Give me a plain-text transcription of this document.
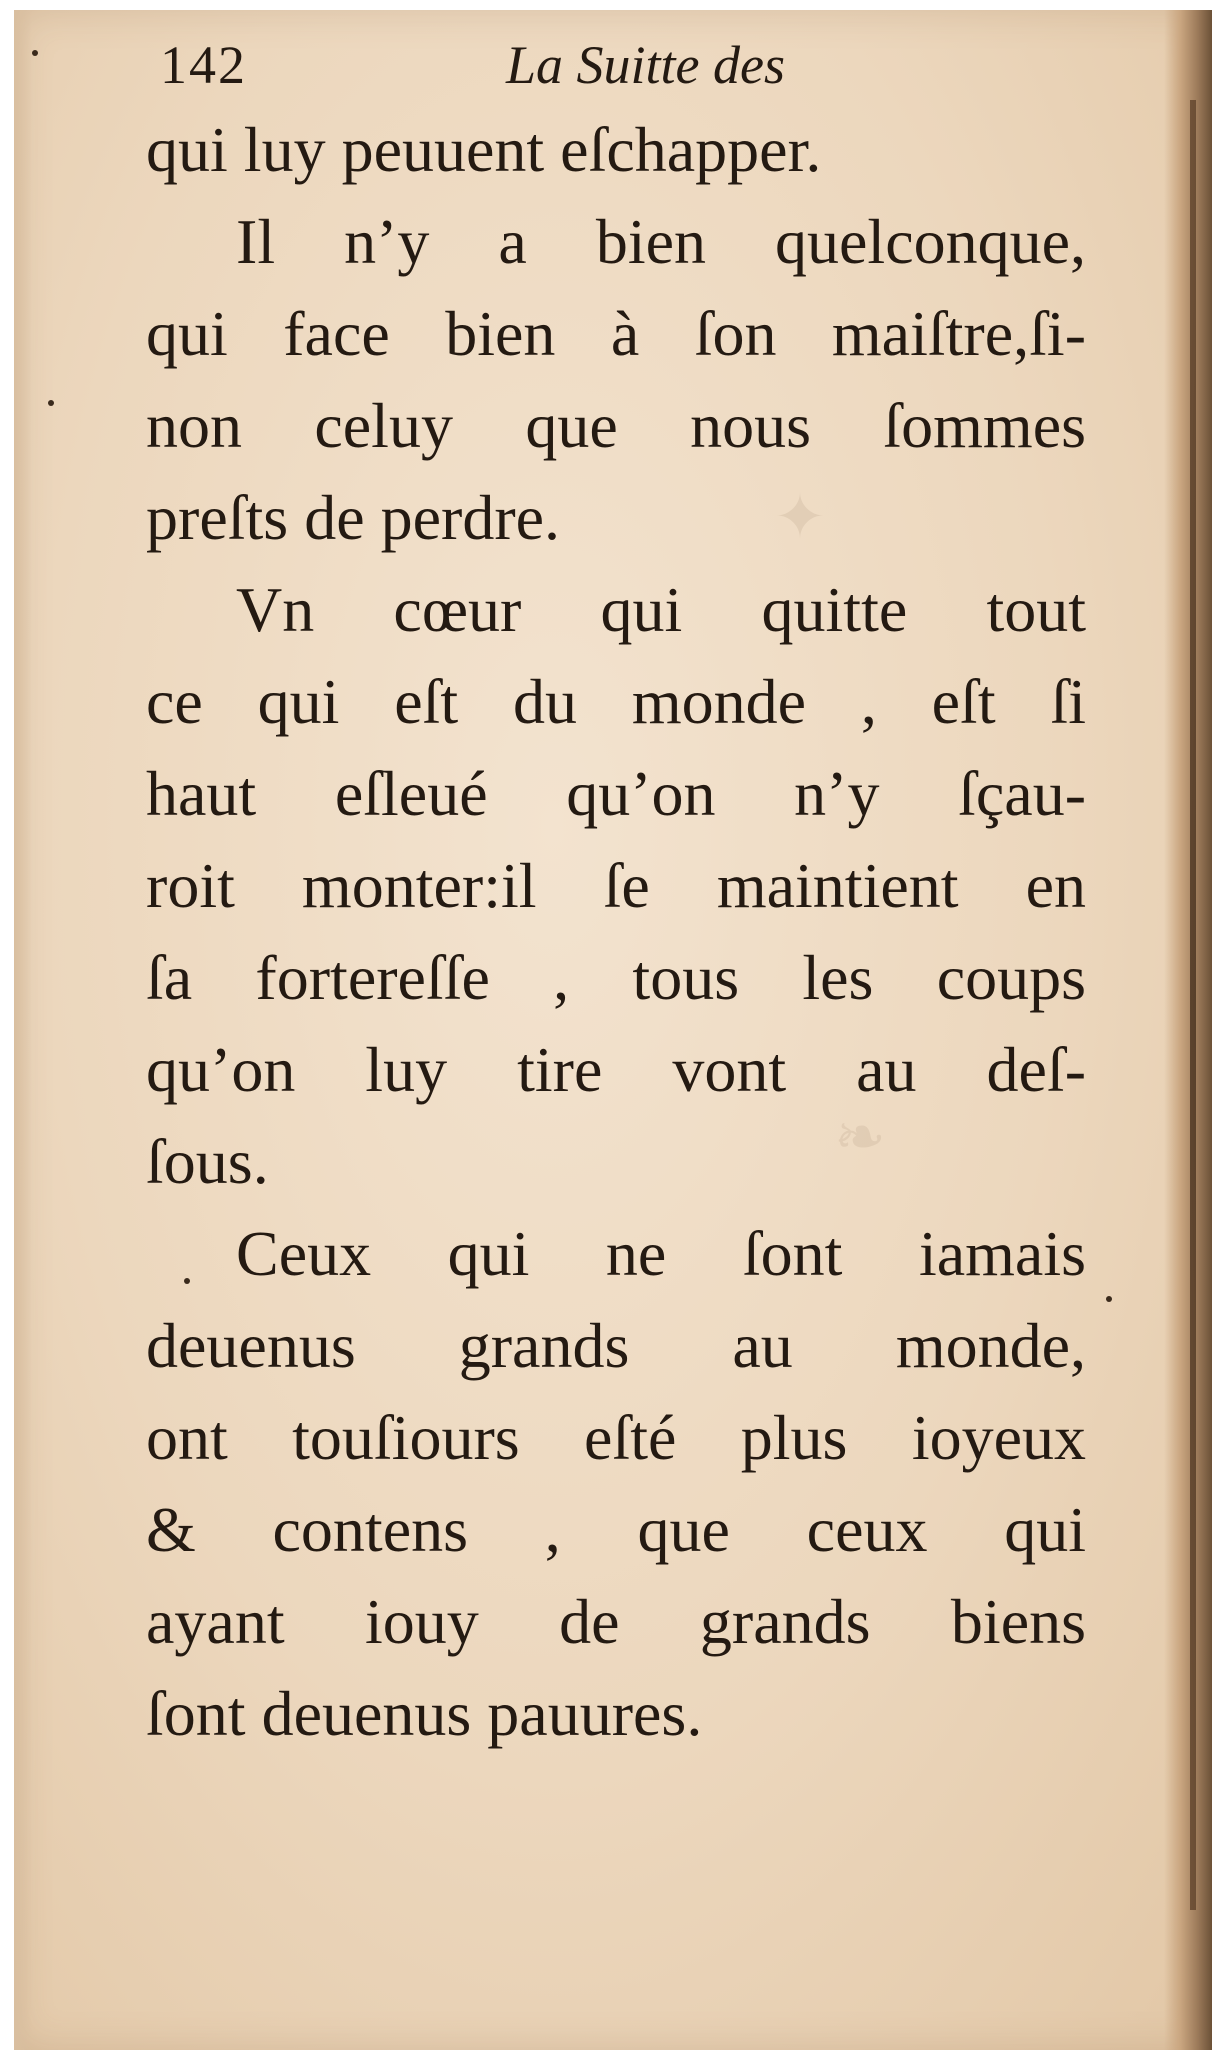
✦
❧
142	La Suitte des
qui luy peuuent eſchapper.
Il n’y a bien quelconque,
qui face bien à ſon maiſtre,ſi-
non celuy que nous ſommes
preſts de perdre.
Vn cœur qui quitte tout
ce qui eſt du monde , eſt ſi
haut eſleué qu’on n’y ſçau-
roit monter:il ſe maintient en
ſa fortereſſe , tous les coups
qu’on luy tire vont au deſ-
ſous.
Ceux qui ne ſont iamais
deuenus grands au monde,
ont touſiours eſté plus ioyeux
& contens , que ceux qui
ayant iouy de grands biens
ſont deuenus pauures.
